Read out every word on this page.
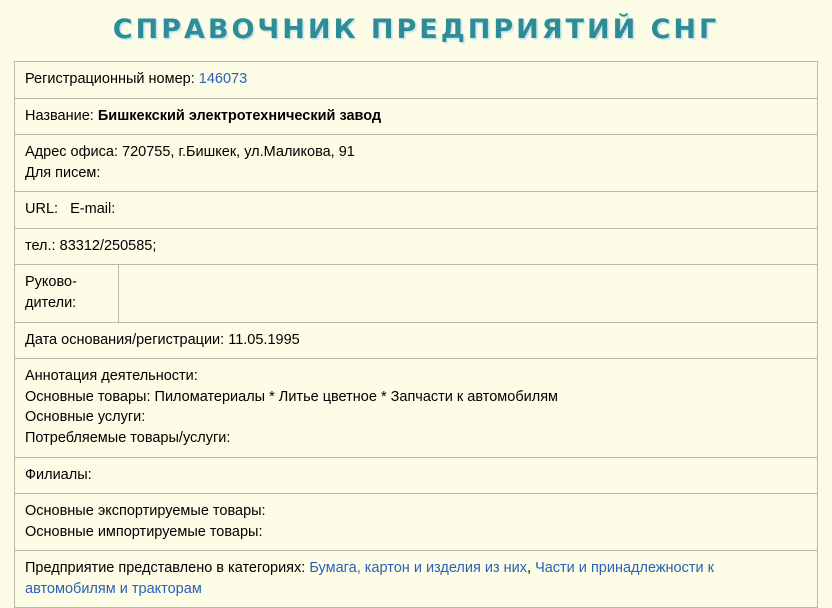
СПРАВОЧНИК ПРЕДПРИЯТИЙ СНГ
Регистрационный номер: 146073
Название: Бишкекский электротехнический завод
Адрес офиса: 720755, г.Бишкек, ул.Маликова, 91
Для писем:
URL: E-mail:
тел.: 83312/250585;
Руково-
дители:
Дата основания/регистрации: 11.05.1995
Аннотация деятельности:
Основные товары: Пиломатериалы * Литье цветное * Запчасти к автомобилям
Основные услуги:
Потребляемые товары/услуги:
Филиалы:
Основные экспортируемые товары:
Основные импортируемые товары:
Предприятие представлено в категориях: Бумага, картон и изделия из них, Части и принадлежности к автомобилям и тракторам
